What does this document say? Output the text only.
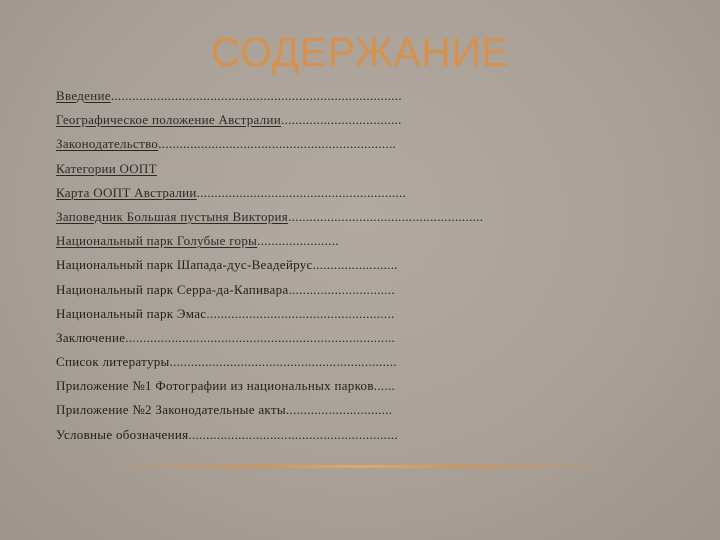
СОДЕРЖАНИЕ
Введение..................................................................................
Географическое положение Австралии..................................
Законодательство...................................................................
Категории ООПТ
Карта ООПТ Австралии...........................................................
Заповедник Большая пустыня Виктория.......................................................
Национальный парк Голубые горы.......................
Национальный парк Шапада-дус-Веадейрус........................
Национальный парк Серра-да-Капивара..............................
Национальный парк Эмас.....................................................
Заключение............................................................................
Список литературы................................................................
Приложение №1 Фотографии из национальных парков......
Приложение №2 Законодательные акты..............................
Условные обозначения...........................................................
